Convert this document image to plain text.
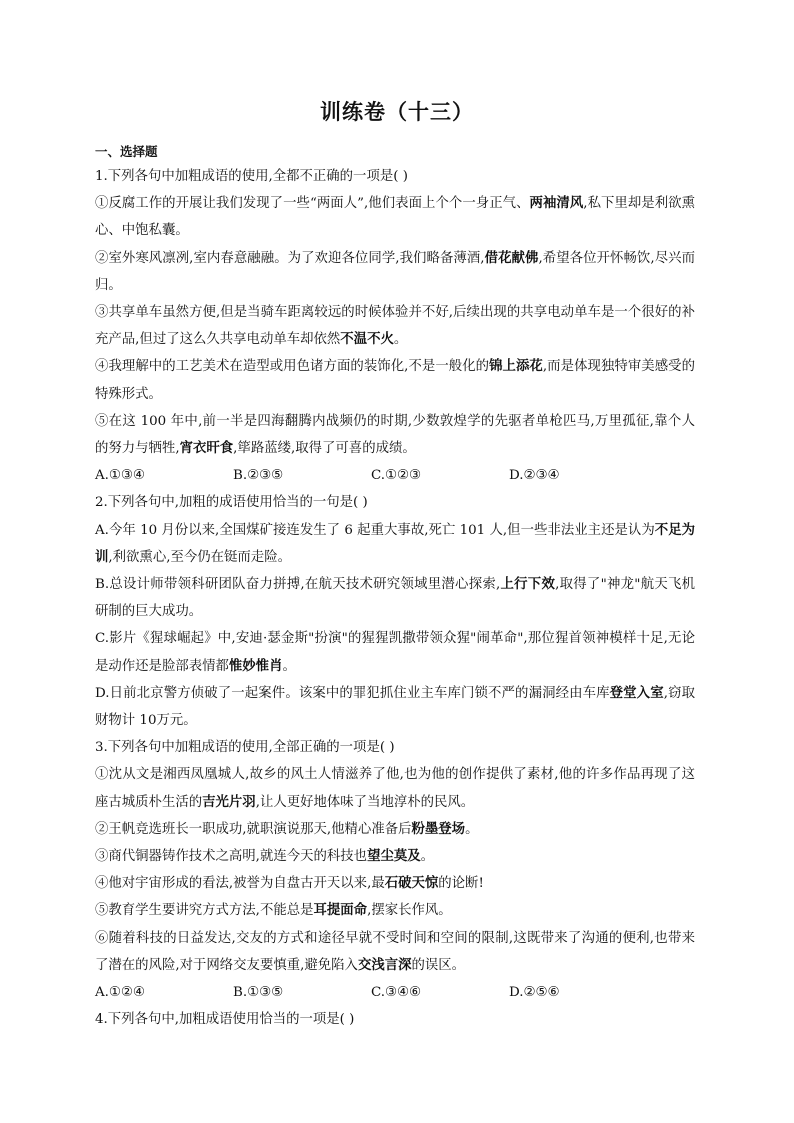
训练卷（十三）

一、选择题

1.下列各句中加粗成语的使用,全都不正确的一项是( )

①反腐工作的开展让我们发现了一些“两面人”,他们表面上个个一身正气、两袖清风,私下里却是利欲熏心、中饱私囊。

②室外寒风凛冽,室内春意融融。为了欢迎各位同学,我们略备薄酒,借花献佛,希望各位开怀畅饮,尽兴而归。

③共享单车虽然方便,但是当骑车距离较远的时候体验并不好,后续出现的共享电动单车是一个很好的补充产品,但过了这么久共享电动单车却依然不温不火。

④我理解中的工艺美术在造型或用色诸方面的装饰化,不是一般化的锦上添花,而是体现独特审美感受的特殊形式。

⑤在这 100 年中,前一半是四海翻腾内战频仍的时期,少数敦煌学的先驱者单枪匹马,万里孤征,靠个人的努力与牺牲,宵衣旰食,筚路蓝缕,取得了可喜的成绩。

A.①③④	B.②③⑤	C.①②③	D.②③④

2.下列各句中,加粗的成语使用恰当的一句是( )

A.今年 10 月份以来,全国煤矿接连发生了 6 起重大事故,死亡 101 人,但一些非法业主还是认为不足为训,利欲熏心,至今仍在铤而走险。

B.总设计师带领科研团队奋力拼搏,在航天技术研究领域里潜心探索,上行下效,取得了"神龙"航天飞机研制的巨大成功。

C.影片《猩球崛起》中,安迪·瑟金斯"扮演"的猩猩凯撒带领众猩"闹革命",那位猩首领神模样十足,无论是动作还是脸部表情都惟妙惟肖。

D.日前北京警方侦破了一起案件。该案中的罪犯抓住业主车库门锁不严的漏洞经由车库登堂入室,窃取财物计 10万元。

3.下列各句中加粗成语的使用,全部正确的一项是( )

①沈从文是湘西凤凰城人,故乡的风土人情滋养了他,也为他的创作提供了素材,他的许多作品再现了这座古城质朴生活的吉光片羽,让人更好地体味了当地淳朴的民风。

②王帆竞选班长一职成功,就职演说那天,他精心准备后粉墨登场。

③商代铜器铸作技术之高明,就连今天的科技也望尘莫及。

④他对宇宙形成的看法,被誉为自盘古开天以来,最石破天惊的论断!

⑤教育学生要讲究方式方法,不能总是耳提面命,摆家长作风。

⑥随着科技的日益发达,交友的方式和途径早就不受时间和空间的限制,这既带来了沟通的便利,也带来了潜在的风险,对于网络交友要慎重,避免陷入交浅言深的误区。

A.①②④	B.①③⑤	C.③④⑥	D.②⑤⑥

4.下列各句中,加粗成语使用恰当的一项是( )
